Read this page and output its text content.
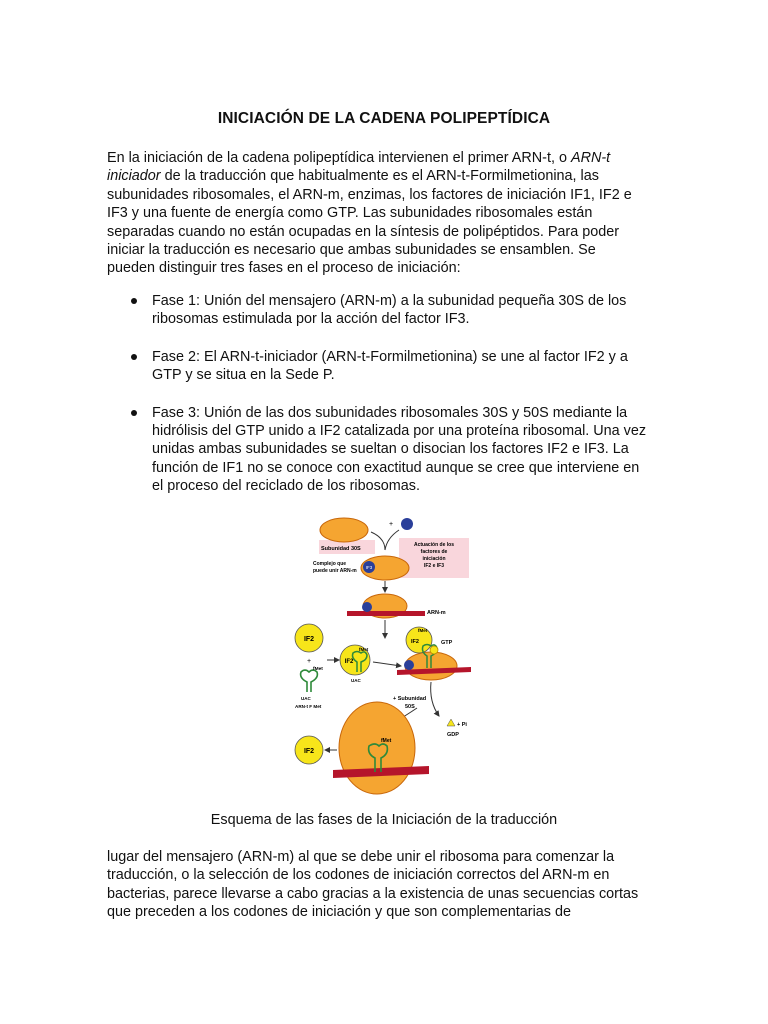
INICIACIÓN DE LA CADENA POLIPEPTÍDICA
En la iniciación de la cadena polipeptídica intervienen el primer ARN-t, o ARN-t iniciador de la traducción que habitualmente es el ARN-t-Formilmetionina, las subunidades ribosomales, el ARN-m, enzimas, los factores de iniciación IF1, IF2 e IF3 y una fuente de energía como GTP. Las subunidades ribosomales están separadas cuando no están ocupadas en la síntesis de polipéptidos. Para poder iniciar la traducción es necesario que ambas subunidades se ensamblen. Se pueden distinguir tres fases en el proceso de iniciación:
Fase 1: Unión del mensajero (ARN-m) a la subunidad pequeña 30S de los ribosomas estimulada por la acción del factor IF3.
Fase 2: El ARN-t-iniciador (ARN-t-Formilmetionina) se une al factor IF2 y a GTP y se situa en la Sede P.
Fase 3: Unión de las dos subunidades ribosomales 30S y 50S mediante la hidrólisis del GTP unido a IF2 catalizada por una proteína ribosomal. Una vez unidas ambas subunidades se sueltan o disocian los factores IF2 e IF3. La función de IF1 no se conoce con exactitud aunque se cree que interviene en el proceso del reciclado de los ribosomas.
+
Subunidad 30S
Actuación de los
factores de
iniciación
IF2 e IF3
Complejo que
puede unir ARN-m
IF3
ARN-m
IF2
+
fMet
UAC
ARN-t F Met
IF2
fMet
UAC
IF2
fMet
GTP
+ Subunidad
50S
+ Pi
GDP
fMet
IF2
Esquema de las fases de la Iniciación de la traducción
lugar del mensajero (ARN-m) al que se debe unir el ribosoma para comenzar la traducción, o la selección de los codones de iniciación correctos del ARN-m en bacterias, parece llevarse a cabo gracias a la existencia de unas secuencias cortas que preceden a los codones de iniciación y que son complementarias de
